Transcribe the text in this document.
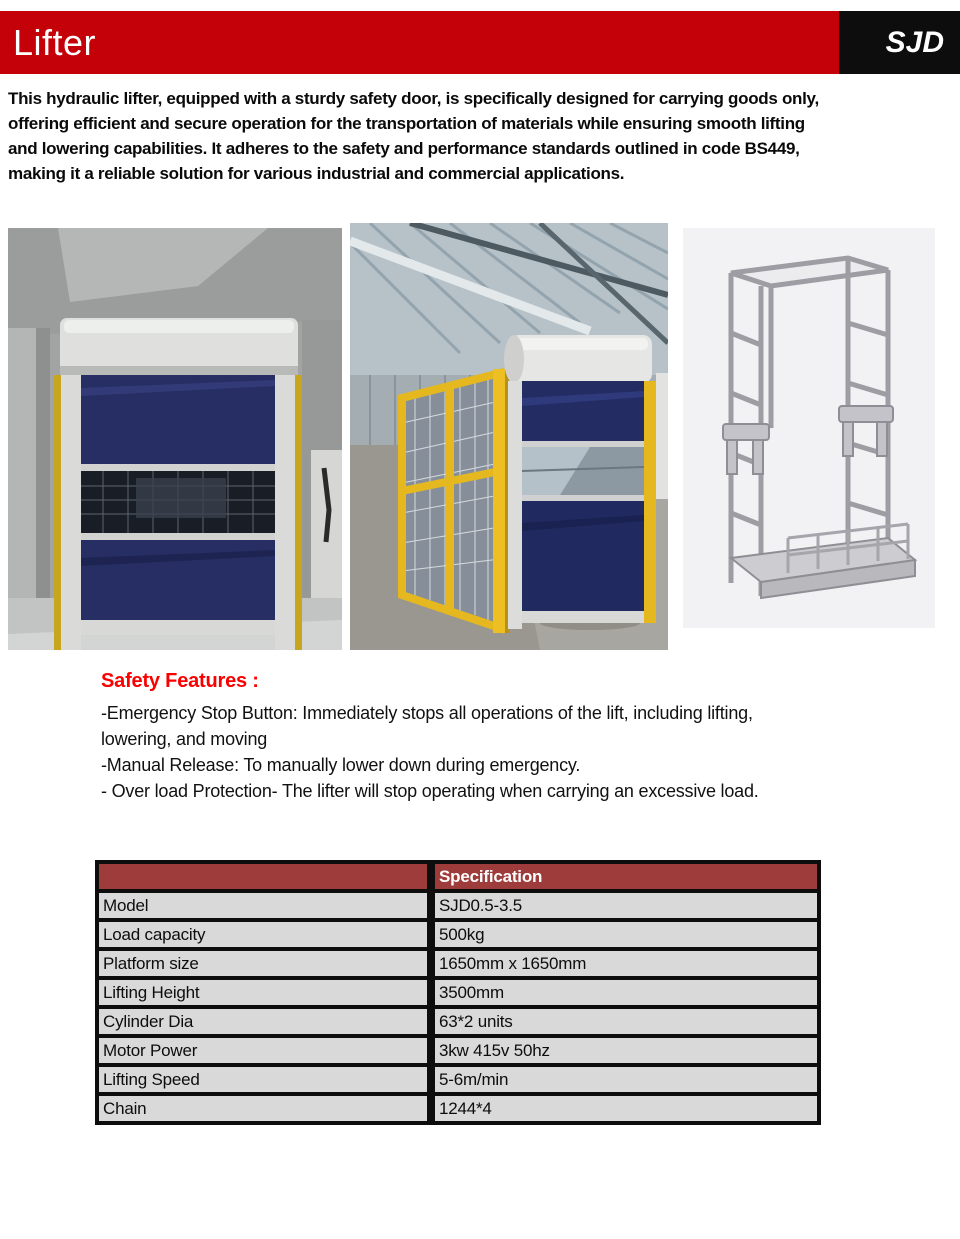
Lifter	SJD

This hydraulic lifter, equipped with a sturdy safety door, is specifically designed for carrying goods only, offering efficient and secure operation for the transportation of materials while ensuring smooth lifting and lowering capabilities. It adheres to the safety and performance standards outlined in code BS449, making it a reliable solution for various industrial and commercial applications.

Safety Features :

-Emergency Stop Button: Immediately stops all operations of the lift, including lifting, lowering, and moving

-Manual Release: To manually lower down during emergency.

- Over load Protection- The lifter will stop operating when carrying an excessive load.

	Specification
Model	SJD0.5-3.5
Load capacity	500kg
Platform size	1650mm x 1650mm
Lifting Height	3500mm
Cylinder Dia	63*2 units
Motor Power	3kw 415v 50hz
Lifting Speed	5-6m/min
Chain	1244*4
